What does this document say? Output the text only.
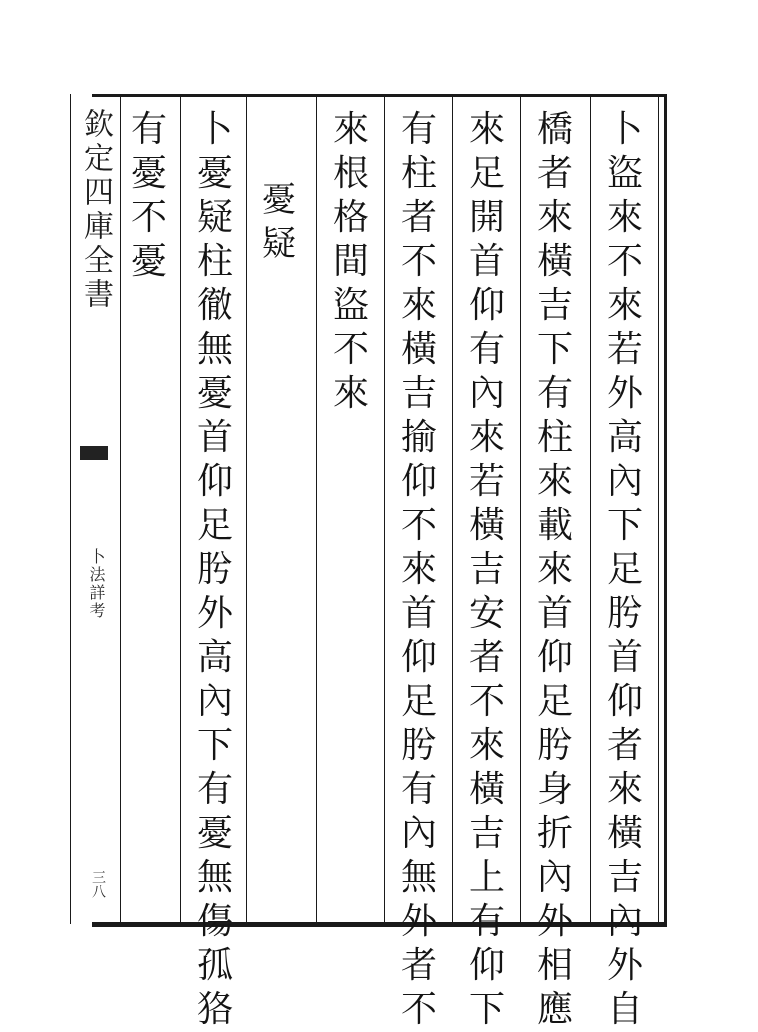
欽定四庫全書
卜法詳考
三八
卜
盜
來
不
來
若
外
高
內
下
足
肹
首
仰
者
來
橫
吉
內
外
自
橋
者
來
橫
吉
下
有
柱
來
載
來
首
仰
足
肹
身
折
內
外
相
應
來
足
開
首
仰
有
內
來
若
橫
吉
安
者
不
來
橫
吉
上
有
仰
下
有
柱
者
不
來
橫
吉
揄
仰
不
來
首
仰
足
肹
有
內
無
外
者
不
來
根
格
間
盜
不
來
憂
疑
卜
憂
疑
柱
徹
無
憂
首
仰
足
肹
外
高
內
下
有
憂
無
傷
孤
狢
有
憂
不
憂
